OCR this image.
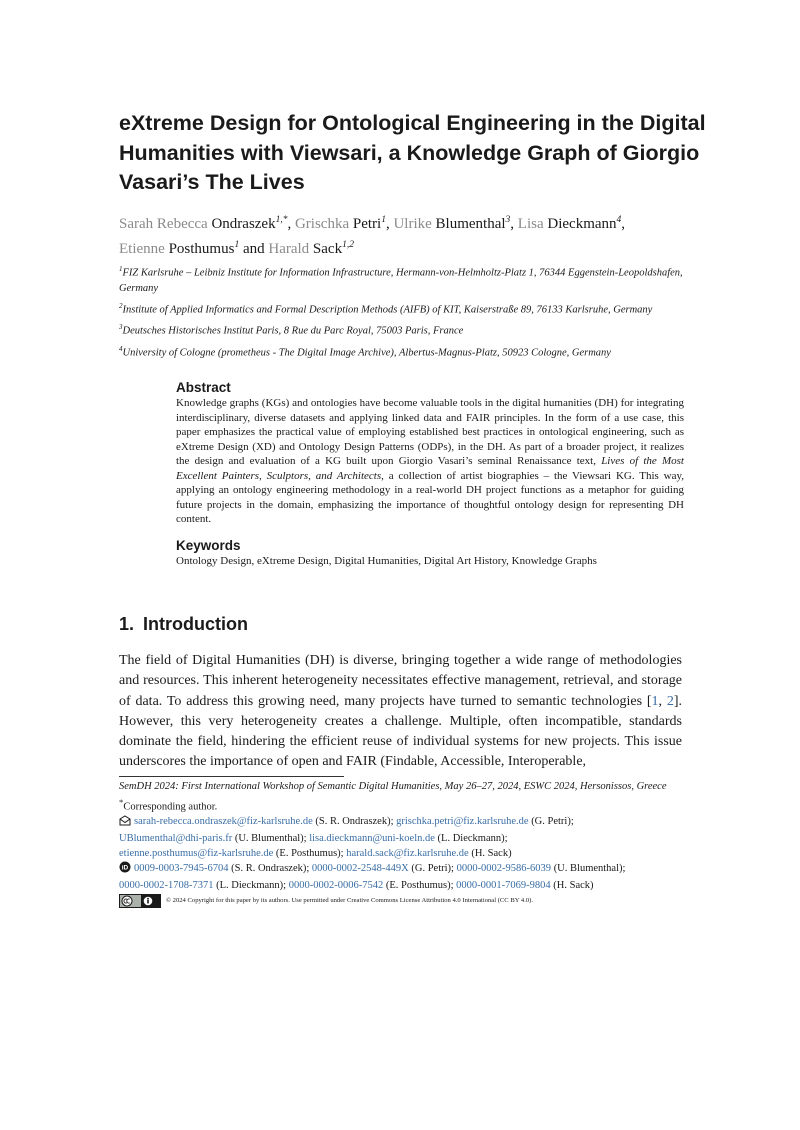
eXtreme Design for Ontological Engineering in the Digital Humanities with Viewsari, a Knowledge Graph of Giorgio Vasari’s The Lives
Sarah Rebecca Ondraszek$^{1,*}$, Grischka Petri$^1$, Ulrike Blumenthal$^3$, Lisa Dieckmann$^4$,
Etienne Posthumus$^1$ and Harald Sack$^{1,2}$
$^1$FIZ Karlsruhe – Leibniz Institute for Information Infrastructure, Hermann-von-Helmholtz-Platz 1, 76344 Eggenstein-Leopoldshafen, Germany
$^2$Institute of Applied Informatics and Formal Description Methods (AIFB) of KIT, Kaiserstraße 89, 76133 Karlsruhe, Germany
$^3$Deutsches Historisches Institut Paris, 8 Rue du Parc Royal, 75003 Paris, France
$^4$University of Cologne (prometheus - The Digital Image Archive), Albertus-Magnus-Platz, 50923 Cologne, Germany
Abstract

Knowledge graphs (KGs) and ontologies have become valuable tools in the digital humanities (DH) for integrating interdisciplinary, diverse datasets and applying linked data and FAIR principles. In the form of a use case, this paper emphasizes the practical value of employing established best practices in ontological engineering, such as eXtreme Design (XD) and Ontology Design Patterns (ODPs), in the DH. As part of a broader project, it realizes the design and evaluation of a KG built upon Giorgio Vasari’s seminal Renaissance text, Lives of the Most Excellent Painters, Sculptors, and Architects, a collection of artist biographies – the Viewsari KG. This way, applying an ontology engineering methodology in a real-world DH project functions as a metaphor for guiding future projects in the domain, emphasizing the importance of thoughtful ontology design for representing DH content.

Keywords

Ontology Design, eXtreme Design, Digital Humanities, Digital Art History, Knowledge Graphs

1. Introduction

The field of Digital Humanities (DH) is diverse, bringing together a wide range of methodologies and resources. This inherent heterogeneity necessitates effective management, retrieval, and storage of data. To address this growing need, many projects have turned to semantic technologies [1, 2]. However, this very heterogeneity creates a challenge. Multiple, often incompatible, standards dominate the field, hindering the efficient reuse of individual systems for new projects. This issue underscores the importance of open and FAIR (Findable, Accessible, Interoperable,

SemDH 2024: First International Workshop of Semantic Digital Humanities, May 26–27, 2024, ESWC 2024, Hersonissos, Greece
*Corresponding author.
sarah-rebecca.ondraszek@fiz-karlsruhe.de (S. R. Ondraszek); grischka.petri@fiz.karlsruhe.de (G. Petri);
UBlumenthal@dhi-paris.fr (U. Blumenthal); lisa.dieckmann@uni-koeln.de (L. Dieckmann);
etienne.posthumus@fiz-karlsruhe.de (E. Posthumus); harald.sack@fiz.karlsruhe.de (H. Sack)
iD 0009-0003-7945-6704 (S. R. Ondraszek); 0000-0002-2548-449X (G. Petri); 0000-0002-9586-6039 (U. Blumenthal);
0000-0002-1708-7371 (L. Dieckmann); 0000-0002-0006-7542 (E. Posthumus); 0000-0001-7069-9804 (H. Sack)
© 2024 Copyright for this paper by its authors. Use permitted under Creative Commons License Attribution 4.0 International (CC BY 4.0).
